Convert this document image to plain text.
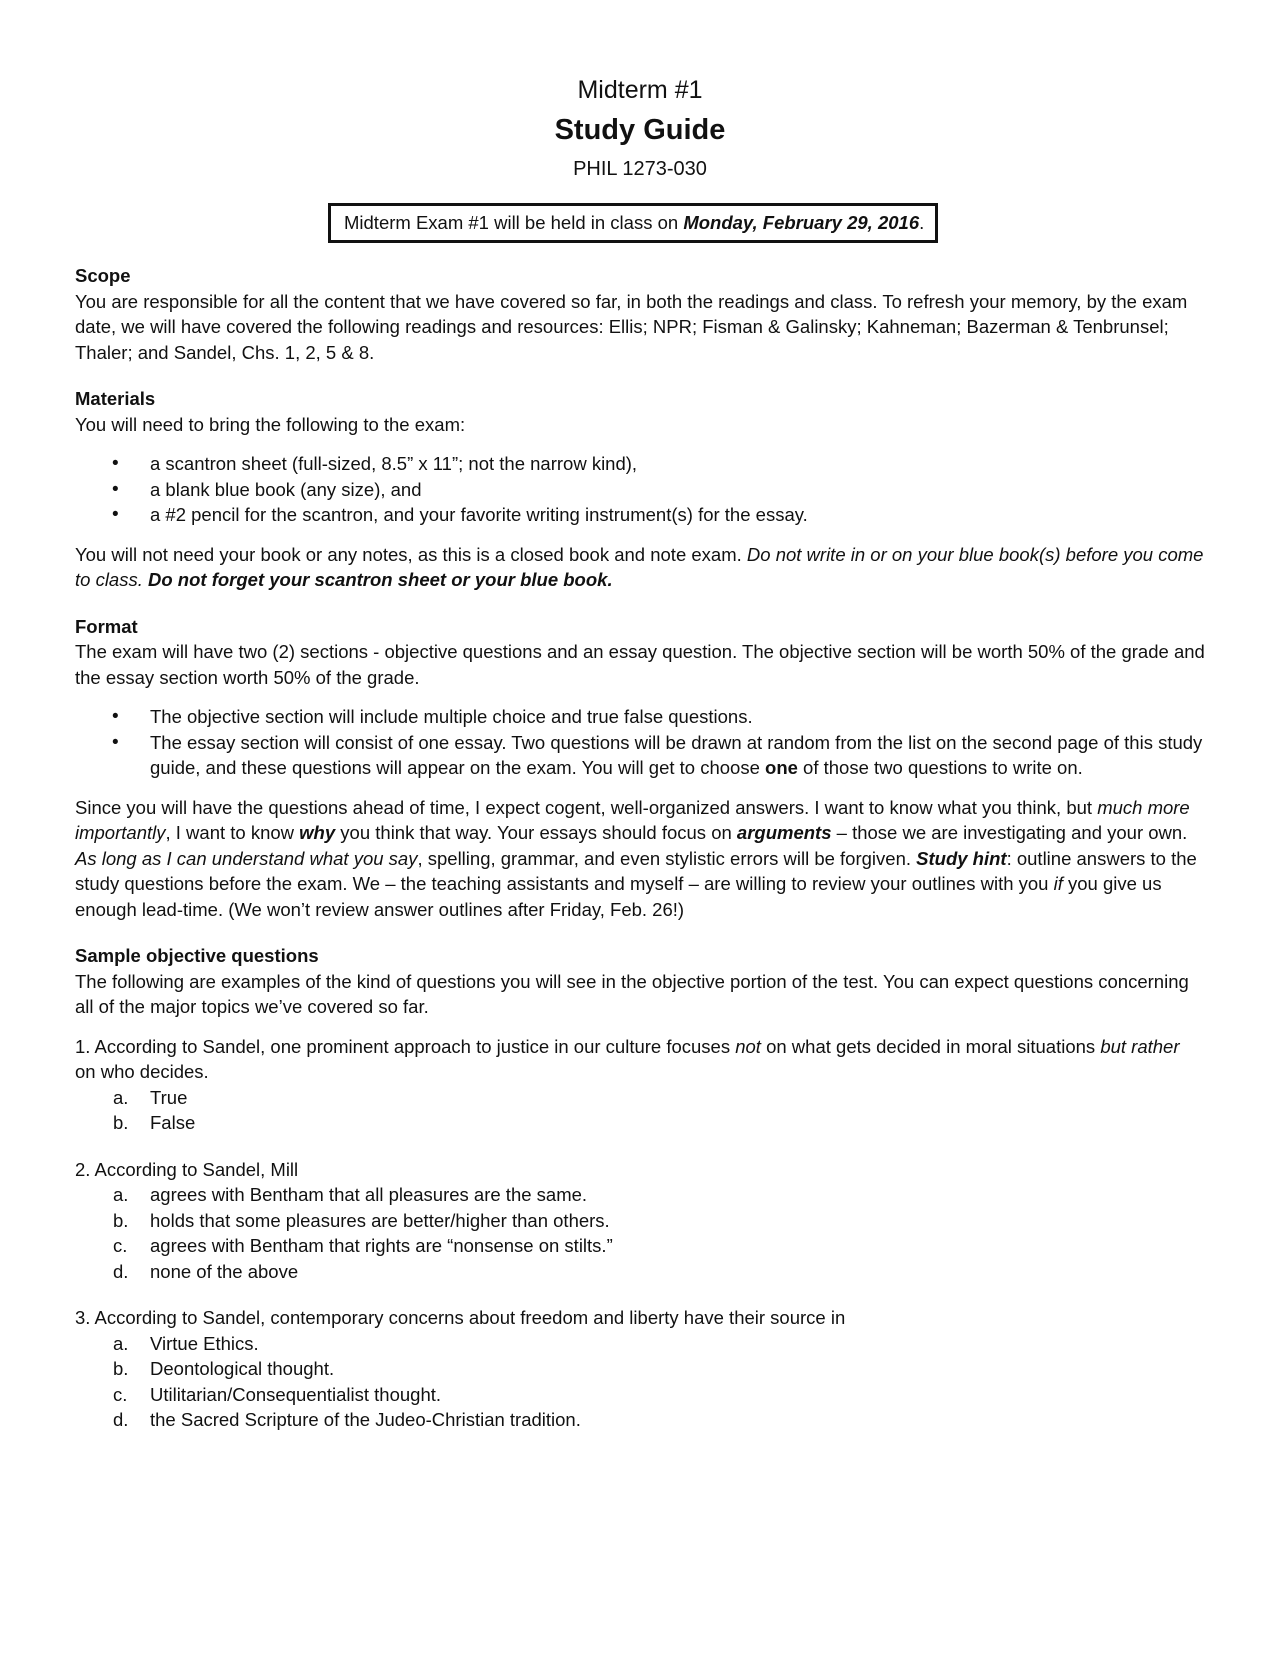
Midterm #1
Study Guide
PHIL 1273-030
Midterm Exam #1 will be held in class on Monday, February 29, 2016.

Scope

You are responsible for all the content that we have covered so far, in both the readings and class. To refresh your memory, by the exam date, we will have covered the following readings and resources: Ellis; NPR; Fisman & Galinsky; Kahneman; Bazerman & Tenbrunsel; Thaler; and Sandel, Chs. 1, 2, 5 & 8.

Materials

You will need to bring the following to the exam:

• a scantron sheet (full-sized, 8.5” x 11”; not the narrow kind),
• a blank blue book (any size), and
• a #2 pencil for the scantron, and your favorite writing instrument(s) for the essay.

You will not need your book or any notes, as this is a closed book and note exam. Do not write in or on your blue book(s) before you come to class. Do not forget your scantron sheet or your blue book.

Format

The exam will have two (2) sections - objective questions and an essay question. The objective section will be worth 50% of the grade and the essay section worth 50% of the grade.

• The objective section will include multiple choice and true false questions.
• The essay section will consist of one essay. Two questions will be drawn at random from the list on the second page of this study guide, and these questions will appear on the exam. You will get to choose one of those two questions to write on.

Since you will have the questions ahead of time, I expect cogent, well-organized answers. I want to know what you think, but much more importantly, I want to know why you think that way. Your essays should focus on arguments – those we are investigating and your own. As long as I can understand what you say, spelling, grammar, and even stylistic errors will be forgiven. Study hint: outline answers to the study questions before the exam. We – the teaching assistants and myself – are willing to review your outlines with you if you give us enough lead-time. (We won’t review answer outlines after Friday, Feb. 26!)

Sample objective questions

The following are examples of the kind of questions you will see in the objective portion of the test. You can expect questions concerning all of the major topics we’ve covered so far.

1. According to Sandel, one prominent approach to justice in our culture focuses not on what gets decided in moral situations but rather on who decides.

a. True
b. False

2. According to Sandel, Mill

a. agrees with Bentham that all pleasures are the same.
b. holds that some pleasures are better/higher than others.
c. agrees with Bentham that rights are “nonsense on stilts.”
d. none of the above

3. According to Sandel, contemporary concerns about freedom and liberty have their source in

a. Virtue Ethics.
b. Deontological thought.
c. Utilitarian/Consequentialist thought.
d. the Sacred Scripture of the Judeo-Christian tradition.
